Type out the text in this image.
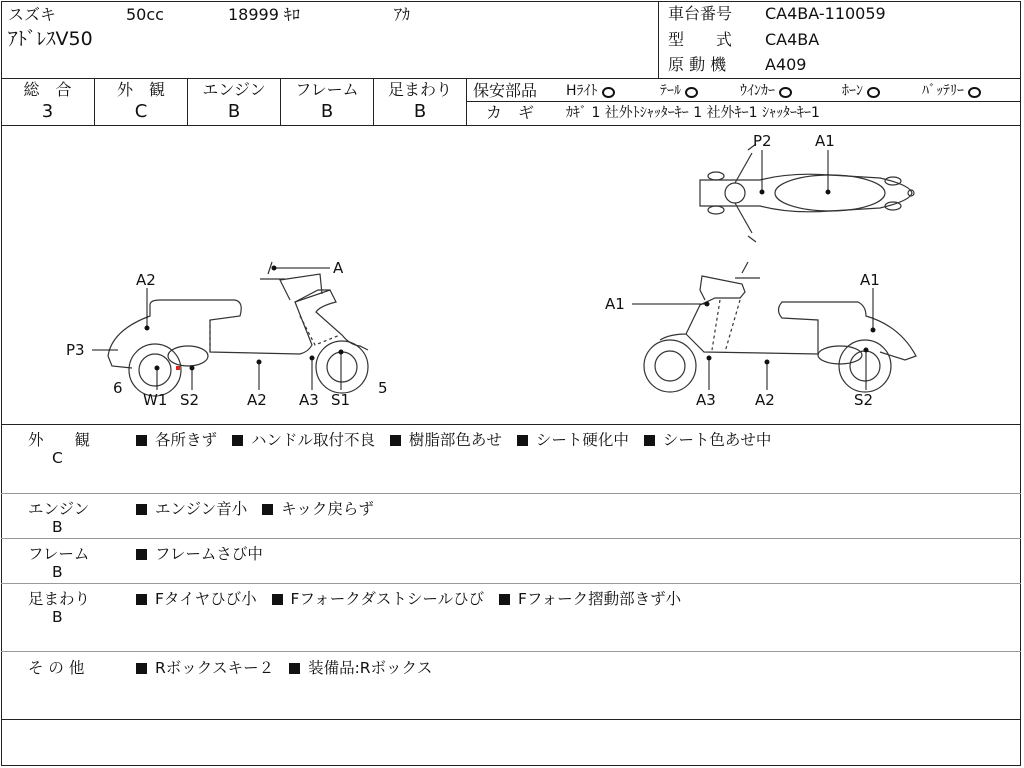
スズキ	50cc	18999 ｷﾛ	ｱｶ
ｱﾄﾞﾚｽV50
車台番号 CA4BA-110059
型　　式 CA4BA
原 動 機 A409
総　合
3
外　観
C
エンジン
B
フレーム
B
足まわり
B
保安部品 Hﾗｲﾄ	ﾃｰﾙ	ｳｲﾝｶｰ	ﾎｰﾝ	ﾊﾞｯﾃﾘｰ
カ　ギ ｶｷﾞ 1 社外ﾄｼｬｯﾀｰｷｰ 1 社外ｷｰ1 ｼｬｯﾀｰｷｰ1
P2	A1
A
A2
P3
6
W1 S2	A2 A3 S1
5
A1
A1
A3	A2	S2
外　　観
C
各所きず ハンドル取付不良 樹脂部色あせ シート硬化中 シート色あせ中
エンジン
B
エンジン音小 キック戻らず
フレーム
B
フレームさび中
足まわり
B
Fタイヤひび小 Fフォークダストシールひび Fフォーク摺動部きず小
そ の 他	Rボックスキー２ 装備品:Rボックス
